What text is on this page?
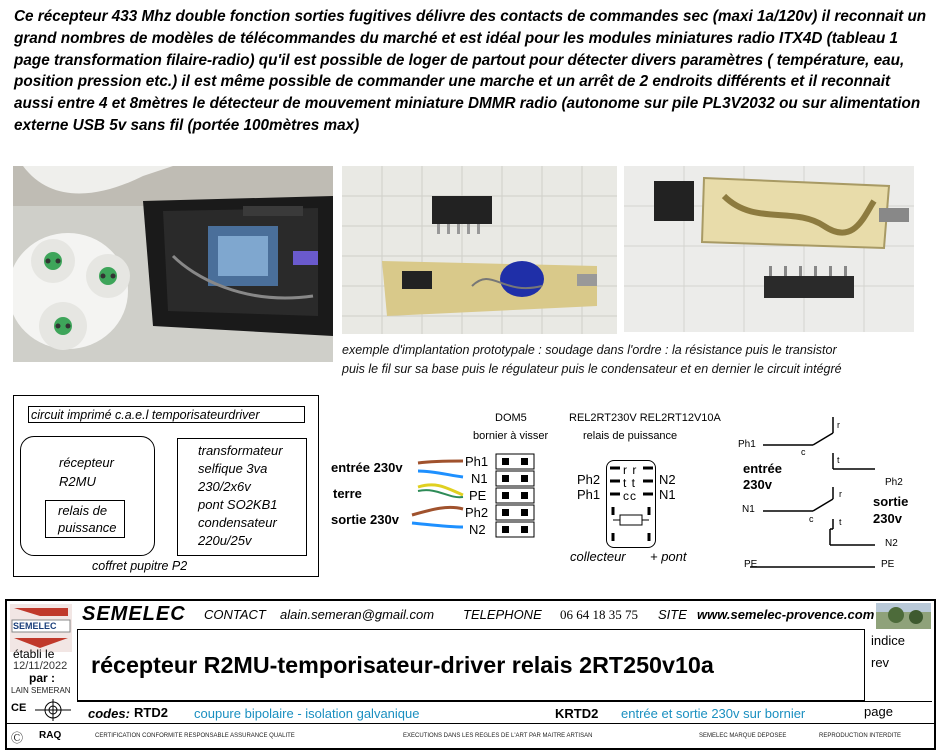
Ce récepteur 433 Mhz double fonction sorties fugitives délivre des contacts de commandes sec (maxi 1a/120v) il reconnait un grand nombres de modèles de télécommandes du marché et est idéal pour les modules miniatures radio ITX4D (tableau 1 page transformation filaire-radio) qu'il est possible de loger de partout pour détecter divers paramètres ( température, eau, position pression etc.) il est même possible de commander une marche et un arrêt de 2 endroits différents et il reconnait aussi entre 4 et 8mètres le détecteur de mouvement miniature DMMR radio (autonome sur pile PL3V2032 ou sur alimentation externe USB 5v sans fil (portée 100mètres max)
exemple d'implantation prototypale : soudage dans l'ordre : la résistance puis le transistor
puis le fil sur sa base puis le régulateur puis le condensateur et en dernier le circuit intégré
circuit imprimé c.a.e.l temporisateurdriver
récepteur
R2MU
relais de
puissance
transformateur
selfique 3va
230/2x6v
pont SO2KB1
condensateur
220u/25v
coffret pupitre P2
DOM5
bornier à visser
entrée 230v
terre
sortie 230v
Ph1
N1
PE
Ph2
N2
REL2RT230V REL2RT12V10A
relais de puissance
r r
t t
cc
Ph2
Ph1
N2
N1
collecteur + pont
Ph1
N1
Ph2
N2
PE	PE
r
c
t
r
c	t
entrée
230v
sortie
230v
SEMELEC
SEMELEC CONTACT alain.semeran@gmail.com TELEPHONE 06 64 18 35 75 SITE www.semelec-provence.com
établi le
12/11/2022
par :
LAIN SEMERAN
récepteur R2MU-temporisateur-driver relais 2RT250v10a
indice
rev
CE	codes: RTD2 coupure bipolaire - isolation galvanique	KRTD2 entrée et sortie 230v sur bornier	page
Ⓒ RAQ	CERTIFICATION CONFORMITE RESPONSABLE ASSURANCE QUALITE	EXECUTIONS DANS LES REGLES DE L'ART PAR MAITRE ARTISAN	SEMELEC MARQUE DEPOSEE	REPRODUCTION INTERDITE
